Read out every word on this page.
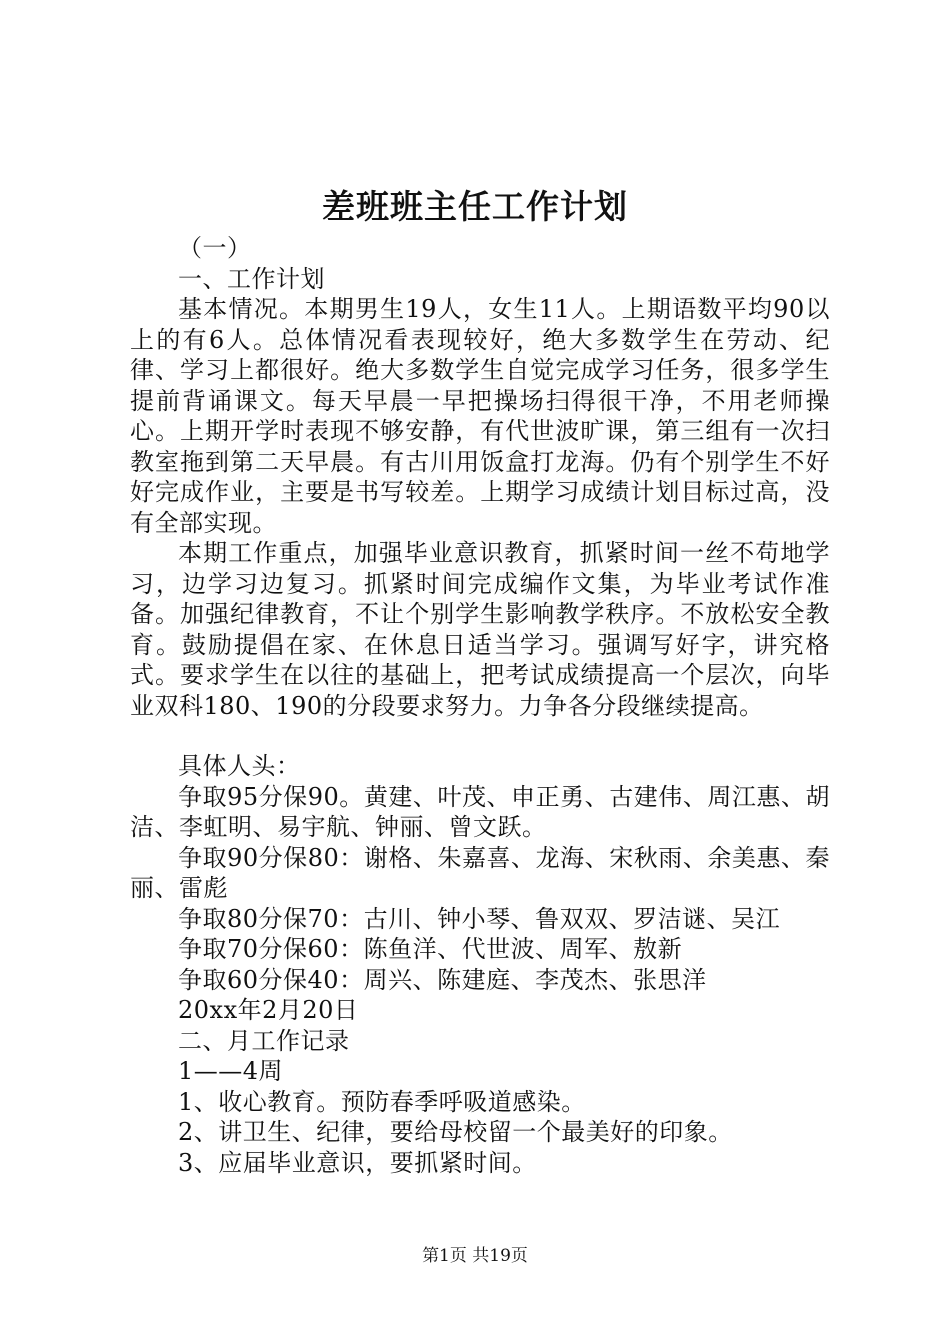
差班班主任工作计划

（一）

一、工作计划

基本情况。本期男生19人，女生11人。上期语数平均90以上的有6人。总体情况看表现较好，绝大多数学生在劳动、纪律、学习上都很好。绝大多数学生自觉完成学习任务，很多学生提前背诵课文。每天早晨一早把操场扫得很干净，不用老师操心。上期开学时表现不够安静，有代世波旷课，第三组有一次扫教室拖到第二天早晨。有古川用饭盒打龙海。仍有个别学生不好好完成作业，主要是书写较差。上期学习成绩计划目标过高，没有全部实现。

本期工作重点，加强毕业意识教育，抓紧时间一丝不苟地学习，边学习边复习。抓紧时间完成编作文集，为毕业考试作准备。加强纪律教育，不让个别学生影响教学秩序。不放松安全教育。鼓励提倡在家、在休息日适当学习。强调写好字，讲究格式。要求学生在以往的基础上，把考试成绩提高一个层次，向毕业双科180、190的分段要求努力。力争各分段继续提高。

具体人头：

争取95分保90。黄建、叶茂、申正勇、古建伟、周江惠、胡洁、李虹明、易宇航、钟丽、曾文跃。

争取90分保80：谢格、朱嘉喜、龙海、宋秋雨、余美惠、秦丽、雷彪

争取80分保70：古川、钟小琴、鲁双双、罗洁谜、吴江

争取70分保60：陈鱼洋、代世波、周军、敖新

争取60分保40：周兴、陈建庭、李茂杰、张思洋

20xx年2月20日

二、月工作记录

1——4周

1、收心教育。预防春季呼吸道感染。

2、讲卫生、纪律，要给母校留一个最美好的印象。

3、应届毕业意识，要抓紧时间。

第1页 共19页
